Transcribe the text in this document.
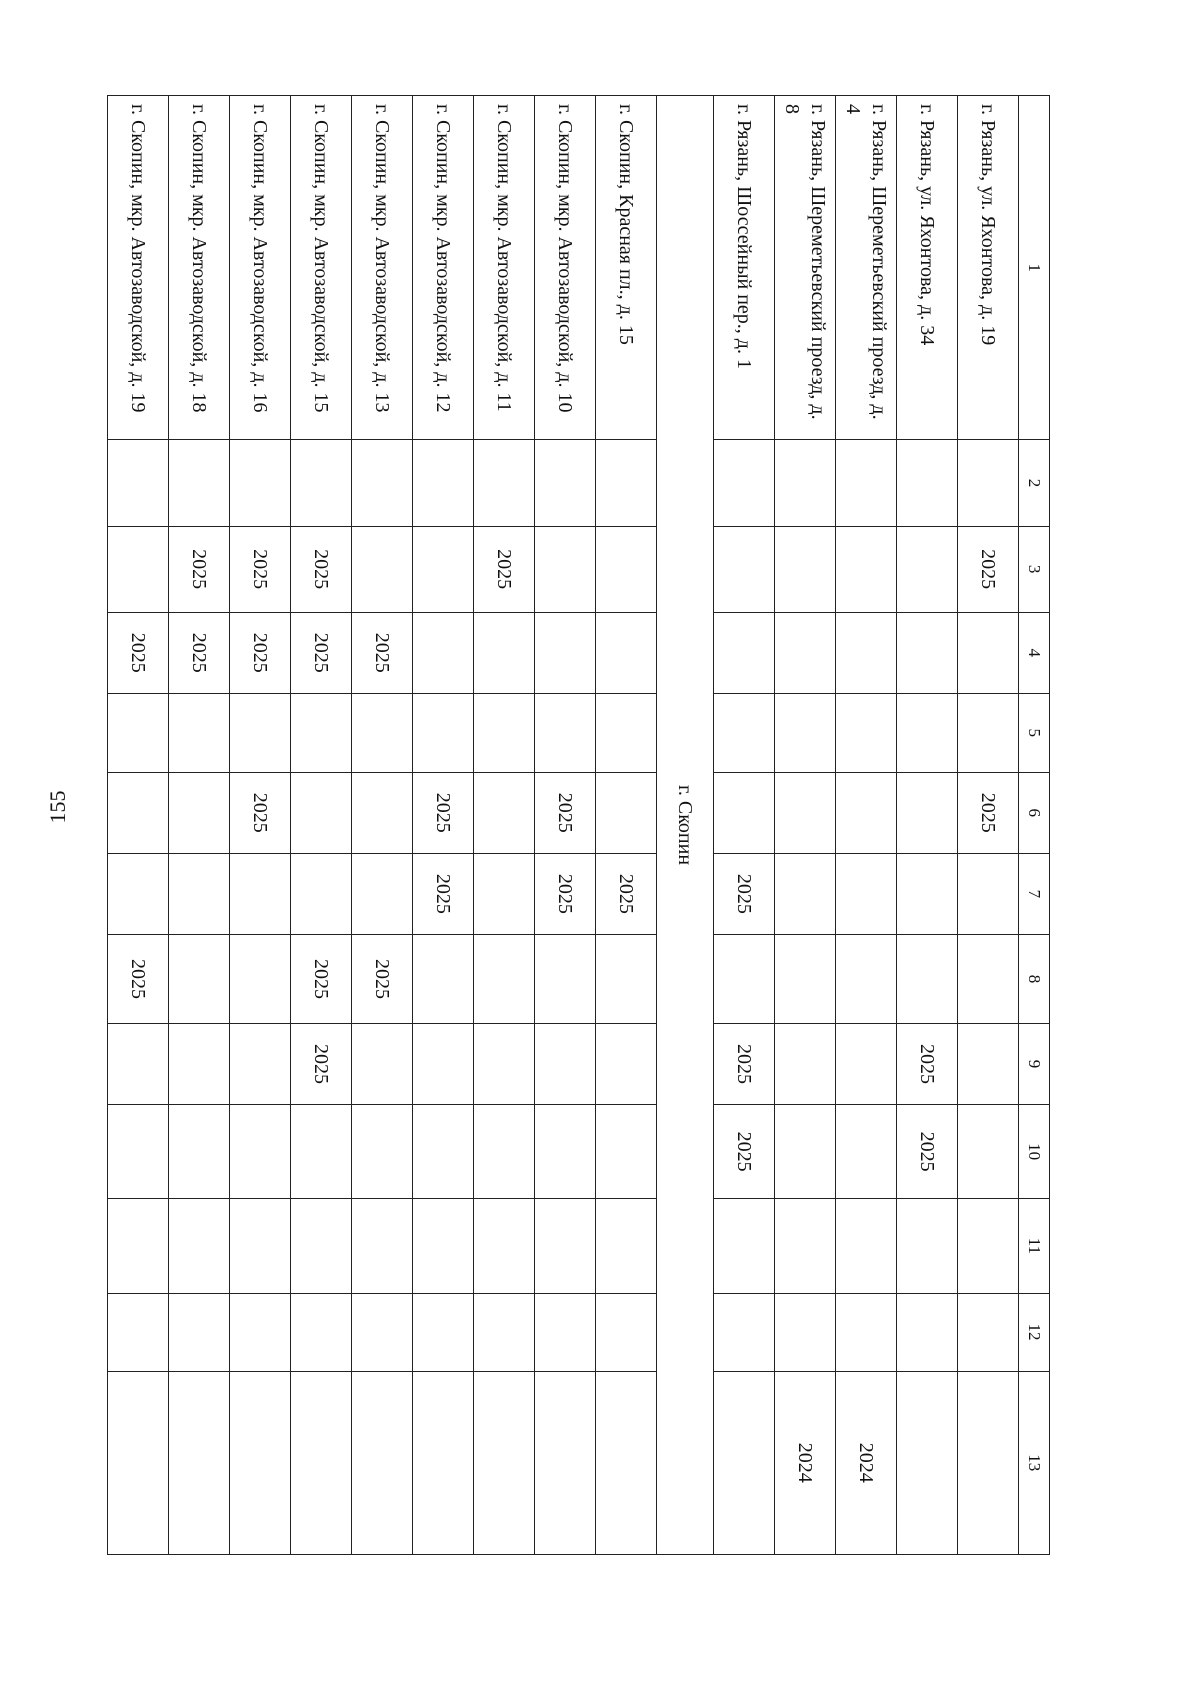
155
1	2	3	4	5	6	7	8	9	10	11	12	13
г. Рязань, ул. Яхонтова, д. 19		2025			2025							
г. Рязань, ул. Яхонтова, д. 34								2025	2025			
г. Рязань, Шереметьевский проезд, д. 4												2024
г. Рязань, Шереметьевский проезд, д. 8												2024
г. Рязань, Шоссейный пер., д. 1						2025		2025	2025			
г. Скопин												
г. Скопин, Красная пл., д. 15						2025						
г. Скопин, мкр. Автозаводской, д. 10					2025	2025						
г. Скопин, мкр. Автозаводской, д. 11		2025										
г. Скопин, мкр. Автозаводской, д. 12					2025	2025						
г. Скопин, мкр. Автозаводской, д. 13			2025				2025					
г. Скопин, мкр. Автозаводской, д. 15		2025	2025				2025	2025				
г. Скопин, мкр. Автозаводской, д. 16		2025	2025		2025							
г. Скопин, мкр. Автозаводской, д. 18		2025	2025									
г. Скопин, мкр. Автозаводской, д. 19			2025				2025					
